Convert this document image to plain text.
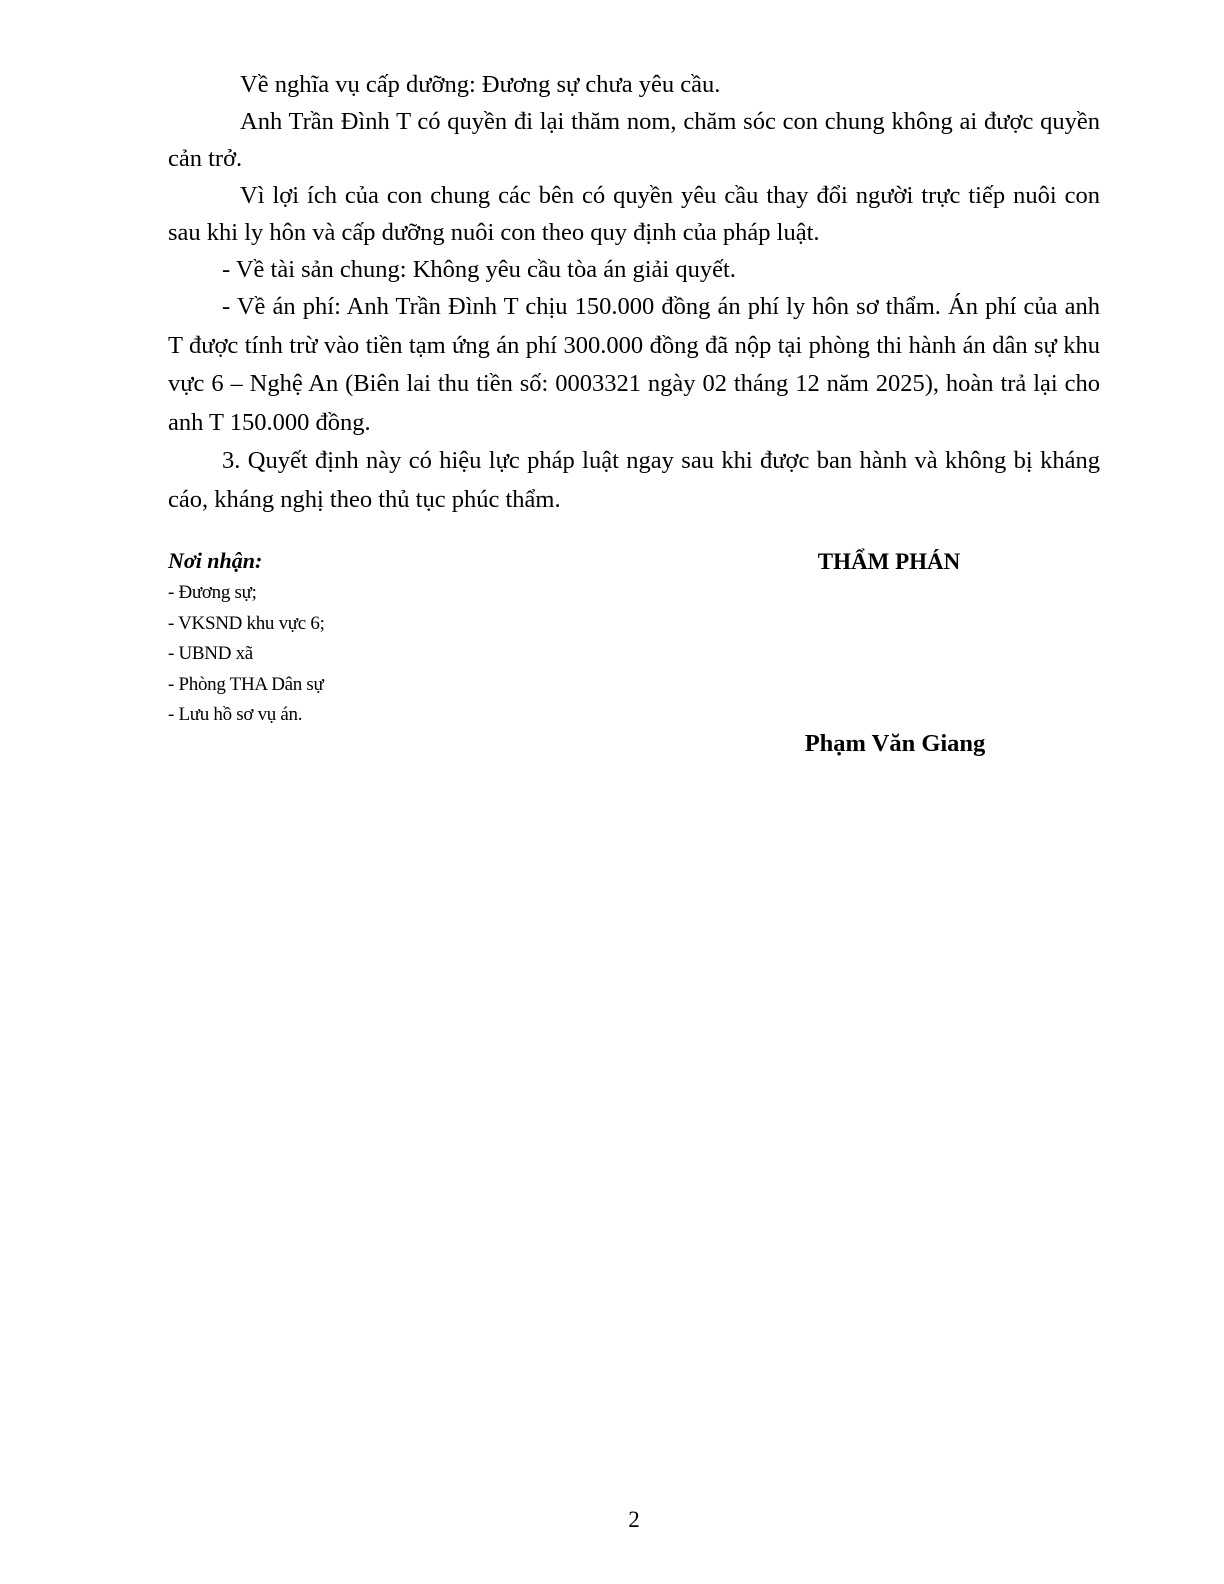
Về nghĩa vụ cấp dưỡng: Đương sự chưa yêu cầu.

Anh Trần Đình T có quyền đi lại thăm nom, chăm sóc con chung không ai được quyền cản trở.

Vì lợi ích của con chung các bên có quyền yêu cầu thay đổi người trực tiếp nuôi con sau khi ly hôn và cấp dưỡng nuôi con theo quy định của pháp luật.

- Về tài sản chung: Không yêu cầu tòa án giải quyết.

- Về án phí: Anh Trần Đình T chịu 150.000 đồng án phí ly hôn sơ thẩm. Án phí của anh T được tính trừ vào tiền tạm ứng án phí 300.000 đồng đã nộp tại phòng thi hành án dân sự khu vực 6 – Nghệ An (Biên lai thu tiền số: 0003321 ngày 02 tháng 12 năm 2025), hoàn trả lại cho anh T 150.000 đồng.

3. Quyết định này có hiệu lực pháp luật ngay sau khi được ban hành và không bị kháng cáo, kháng nghị theo thủ tục phúc thẩm.

Nơi nhận:

- Đương sự;
- VKSND khu vực 6;
- UBND xã
- Phòng THA Dân sự
- Lưu hồ sơ vụ án.
THẨM PHÁN
Phạm Văn Giang
2
